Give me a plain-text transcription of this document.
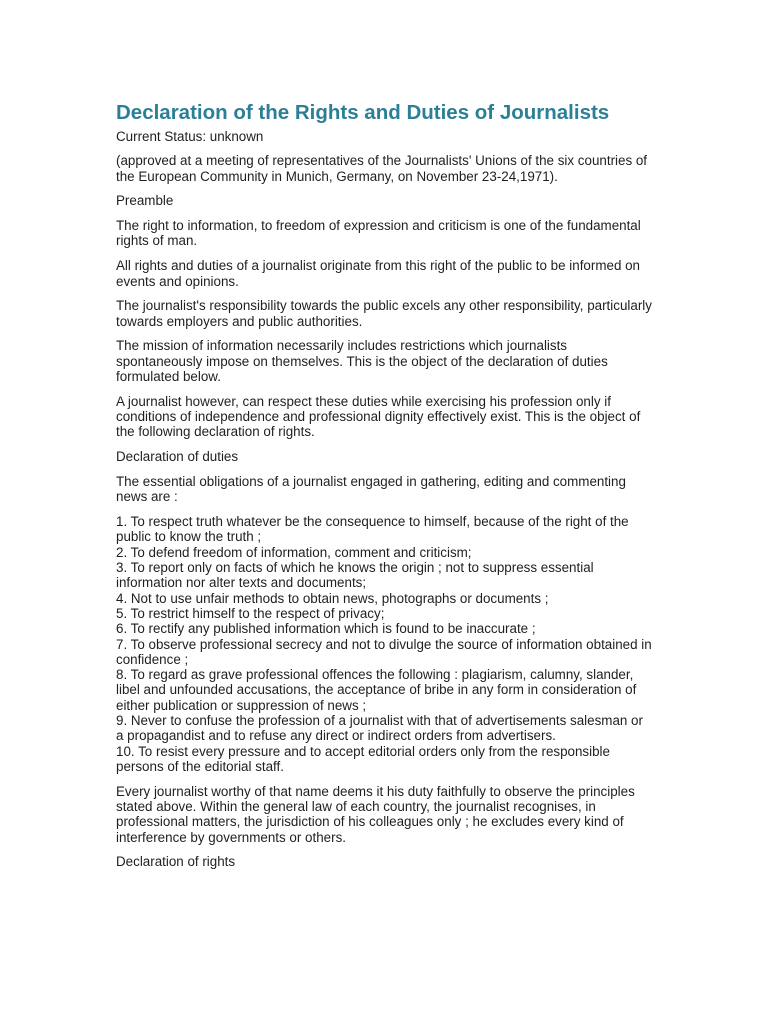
Declaration of the Rights and Duties of Journalists

Current Status: unknown

(approved at a meeting of representatives of the Journalists' Unions of the six countries of the European Community in Munich, Germany, on November 23-24,1971).

Preamble

The right to information, to freedom of expression and criticism is one of the fundamental rights of man.

All rights and duties of a journalist originate from this right of the public to be informed on events and opinions.

The journalist's responsibility towards the public excels any other responsibility, particularly towards employers and public authorities.

The mission of information necessarily includes restrictions which journalists spontaneously impose on themselves. This is the object of the declaration of duties formulated below.

A journalist however, can respect these duties while exercising his profession only if conditions of independence and professional dignity effectively exist. This is the object of the following declaration of rights.

Declaration of duties

The essential obligations of a journalist engaged in gathering, editing and commenting news are :

1. To respect truth whatever be the consequence to himself, because of the right of the public to know the truth ;
2. To defend freedom of information, comment and criticism;
3. To report only on facts of which he knows the origin ; not to suppress essential information nor alter texts and documents;
4. Not to use unfair methods to obtain news, photographs or documents ;
5. To restrict himself to the respect of privacy;
6. To rectify any published information which is found to be inaccurate ;
7. To observe professional secrecy and not to divulge the source of information obtained in confidence ;
8. To regard as grave professional offences the following : plagiarism, calumny, slander, libel and unfounded accusations, the acceptance of bribe in any form in consideration of either publication or suppression of news ;
9. Never to confuse the profession of a journalist with that of advertisements salesman or a propagandist and to refuse any direct or indirect orders from advertisers.
10. To resist every pressure and to accept editorial orders only from the responsible persons of the editorial staff.

Every journalist worthy of that name deems it his duty faithfully to observe the principles stated above. Within the general law of each country, the journalist recognises, in professional matters, the jurisdiction of his colleagues only ; he excludes every kind of interference by governments or others.

Declaration of rights
